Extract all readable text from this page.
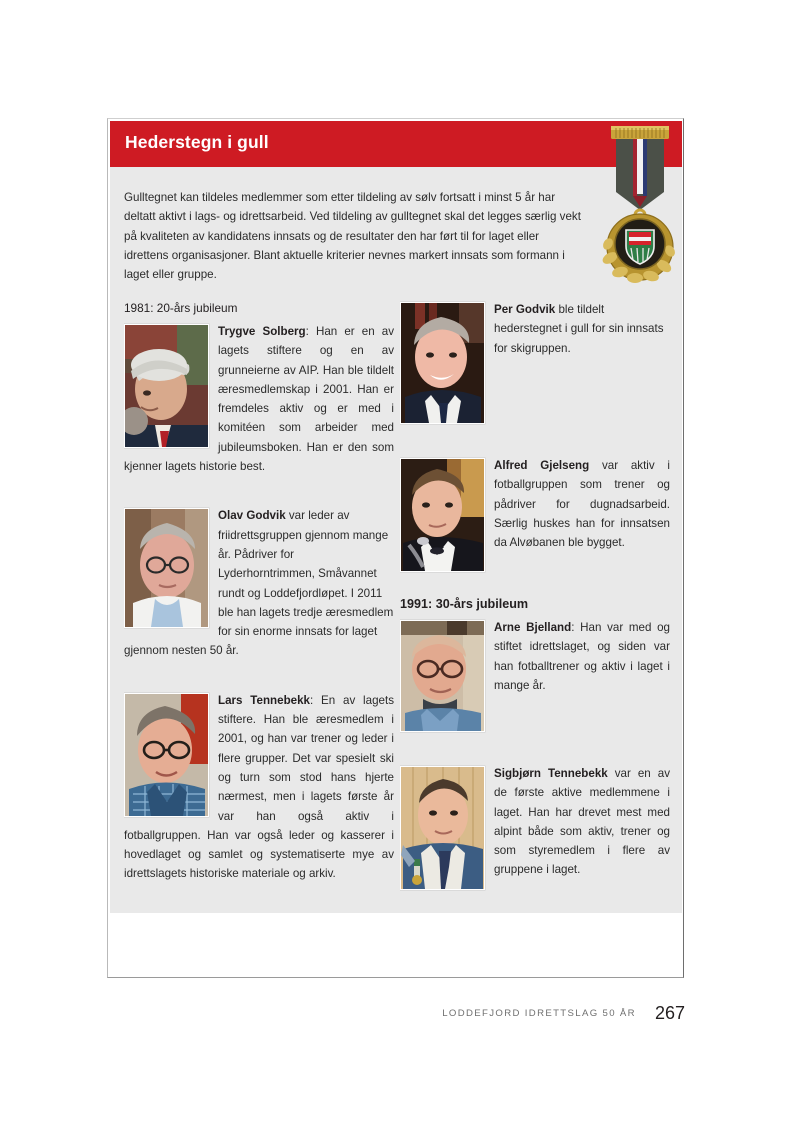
Hederstegn i gull
Gulltegnet kan tildeles medlemmer som etter tildeling av sølv fortsatt i minst 5 år har deltatt aktivt i lags- og idrettsarbeid. Ved tildeling av gulltegnet skal det legges særlig vekt på kvaliteten av kandidatens innsats og de resultater den har ført til for laget eller idrettens organisasjoner. Blant aktuelle kriterier nevnes markert innsats som formann i laget eller gruppe.
1981: 20-års jubileum
Trygve Solberg: Han er en av lagets stiftere og en av grunneierne av AIP. Han ble tildelt æresmedlemskap i 2001. Han er fremdeles aktiv og er med i komitéen som arbeider med jubileumsboken. Han er den som kjenner lagets historie best.
Olav Godvik var leder av friidrettsgruppen gjennom mange år. Pådriver for Lyderhorntrimmen, Småvannet rundt og Loddefjordløpet. I 2011 ble han lagets tredje æresmedlem for sin enorme innsats for laget gjennom nesten 50 år.
Lars Tennebekk: En av lagets stiftere. Han ble æresmedlem i 2001, og han var trener og leder i flere grupper. Det var spesielt ski og turn som stod hans hjerte nærmest, men i lagets første år var han også aktiv i fotballgruppen. Han var også leder og kasserer i hovedlaget og samlet og systematiserte mye av idrettslagets historiske materiale og arkiv.
Per Godvik ble tildelt hederstegnet i gull for sin innsats for skigruppen.
Alfred Gjelseng var aktiv i fotballgruppen som trener og pådriver for dugnadsarbeid. Særlig huskes han for innsatsen da Alvøbanen ble bygget.
1991: 30-års jubileum
Arne Bjelland: Han var med og stiftet idrettslaget, og siden var han fotballtrener og aktiv i laget i mange år.
Sigbjørn Tennebekk var en av de første aktive medlemmene i laget. Han har drevet mest med alpint både som aktiv, trener og som styremedlem i flere av gruppene i laget.
LODDEFJORD IDRETTSLAG 50 ÅR 267
